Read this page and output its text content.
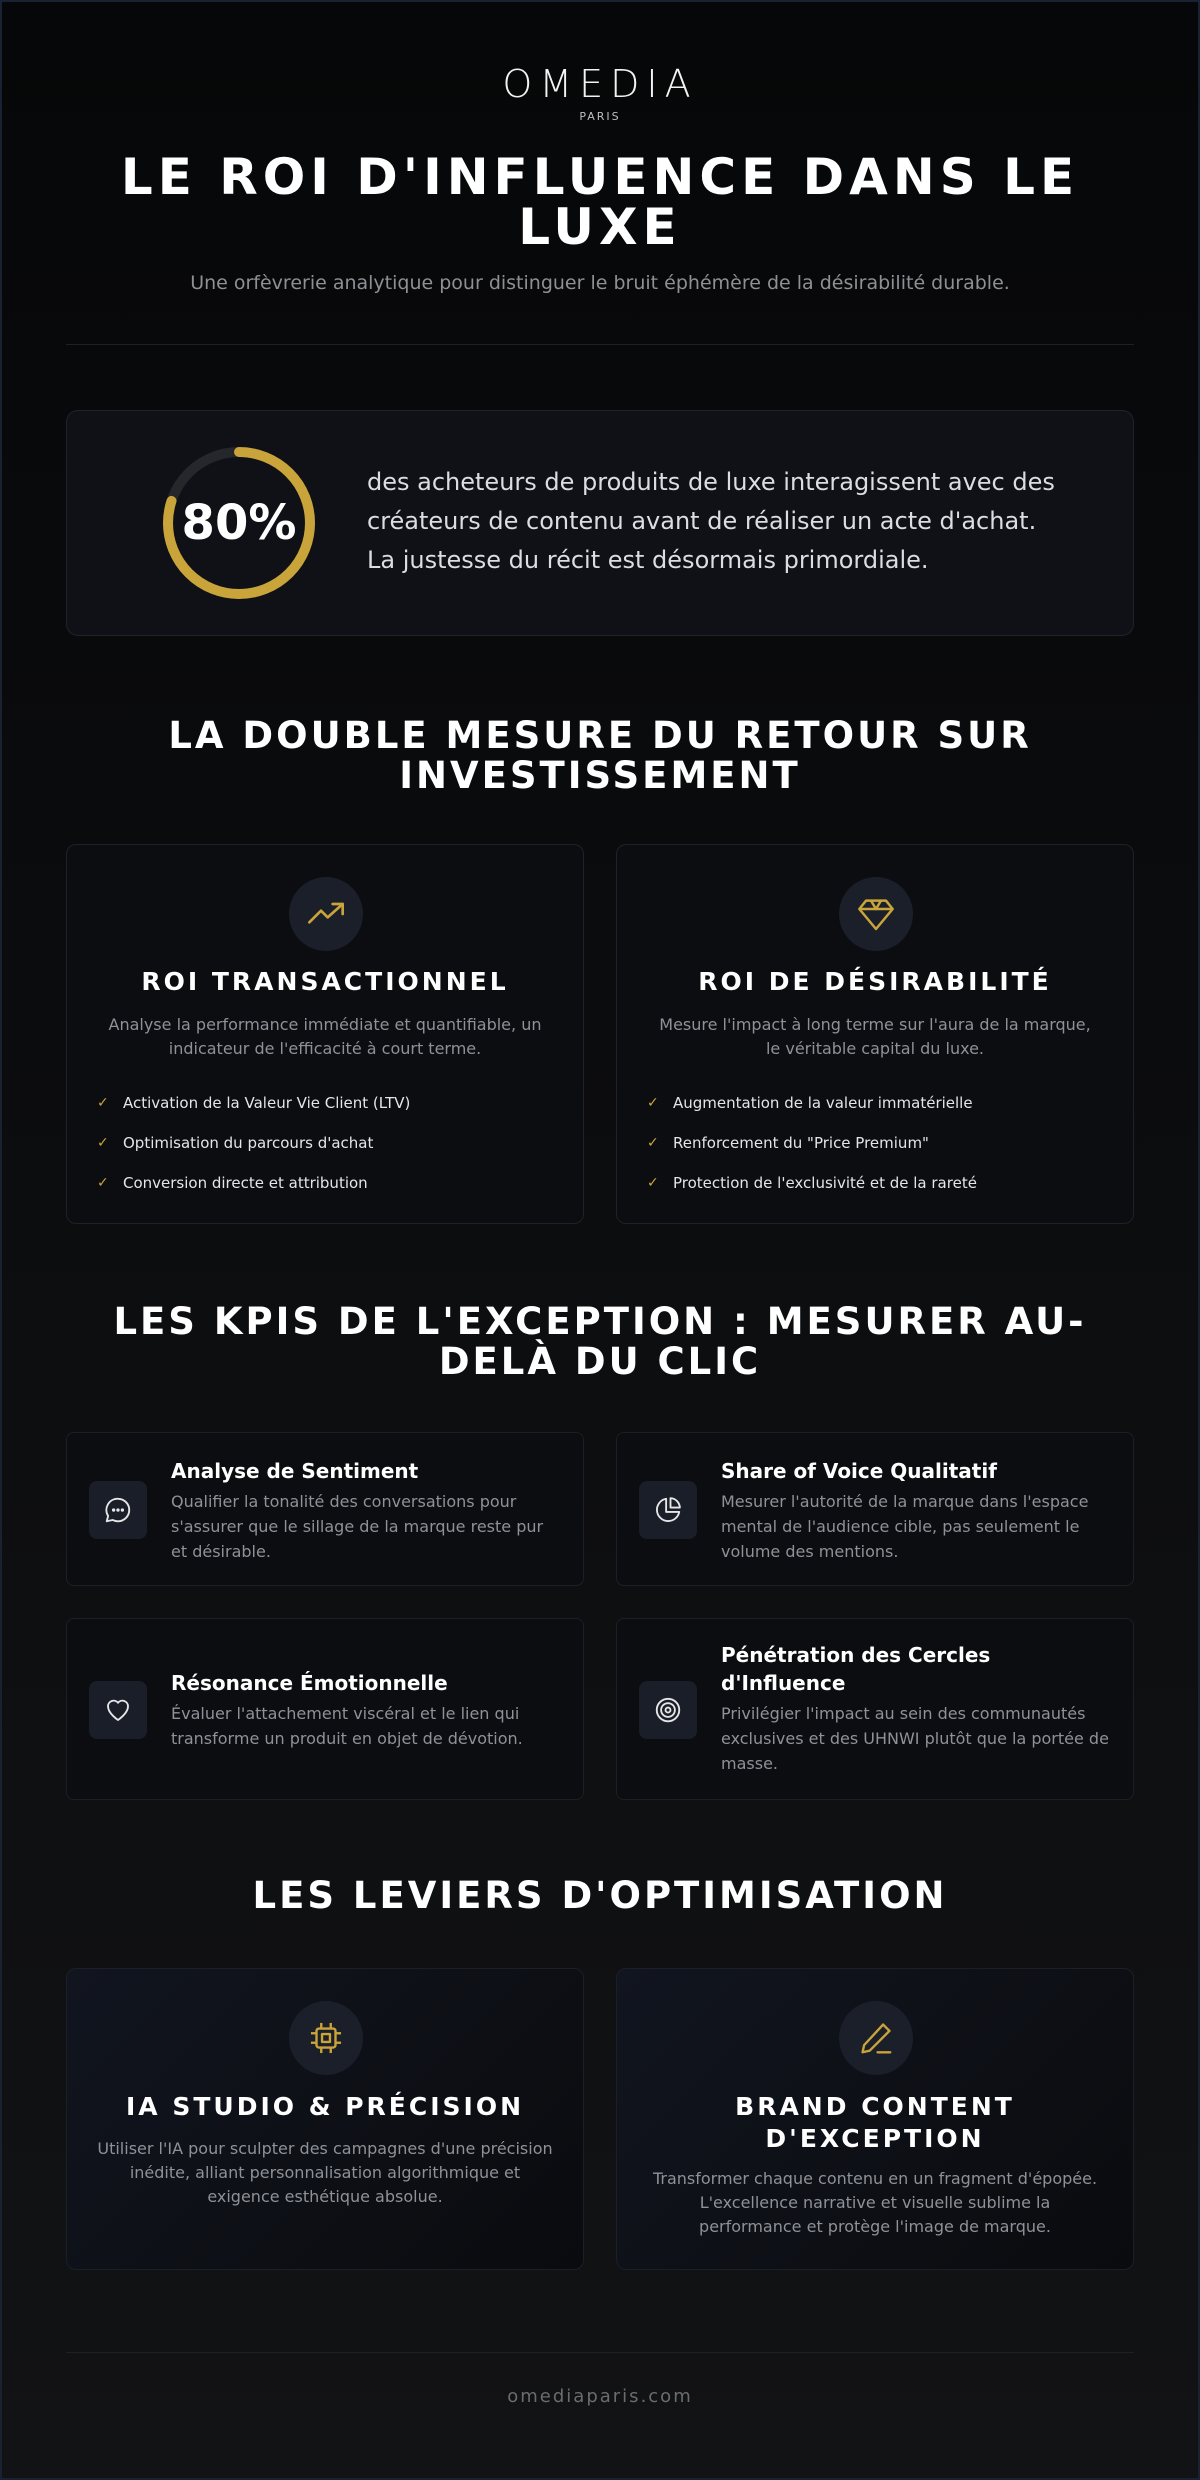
OMEDIA
PARIS
LE ROI D'INFLUENCE DANS LE LUXE

Une orfèvrerie analytique pour distinguer le bruit éphémère de la désirabilité durable.

80%

des acheteurs de produits de luxe interagissent avec des créateurs de contenu avant de réaliser un acte d'achat. La justesse du récit est désormais primordiale.

LA DOUBLE MESURE DU RETOUR SUR INVESTISSEMENT
ROI TRANSACTIONNEL

Analyse la performance immédiate et quantifiable, un indicateur de l'efficacité à court terme.

✓ Activation de la Valeur Vie Client (LTV)
✓ Optimisation du parcours d'achat
✓ Conversion directe et attribution
ROI DE DÉSIRABILITÉ

Mesure l'impact à long terme sur l'aura de la marque, le véritable capital du luxe.

✓ Augmentation de la valeur immatérielle
✓ Renforcement du "Price Premium"
✓ Protection de l'exclusivité et de la rareté
LES KPIS DE L'EXCEPTION : MESURER AU-DELÀ DU CLIC
Analyse de Sentiment

Qualifier la tonalité des conversations pour s'assurer que le sillage de la marque reste pur et désirable.

Share of Voice Qualitatif

Mesurer l'autorité de la marque dans l'espace mental de l'audience cible, pas seulement le volume des mentions.

Résonance Émotionnelle

Évaluer l'attachement viscéral et le lien qui transforme un produit en objet de dévotion.

Pénétration des Cercles d'Influence

Privilégier l'impact au sein des communautés exclusives et des UHNWI plutôt que la portée de masse.

LES LEVIERS D'OPTIMISATION
IA STUDIO & PRÉCISION

Utiliser l'IA pour sculpter des campagnes d'une précision inédite, alliant personnalisation algorithmique et exigence esthétique absolue.

BRAND CONTENT D'EXCEPTION

Transformer chaque contenu en un fragment d'épopée. L'excellence narrative et visuelle sublime la performance et protège l'image de marque.

omediaparis.com
